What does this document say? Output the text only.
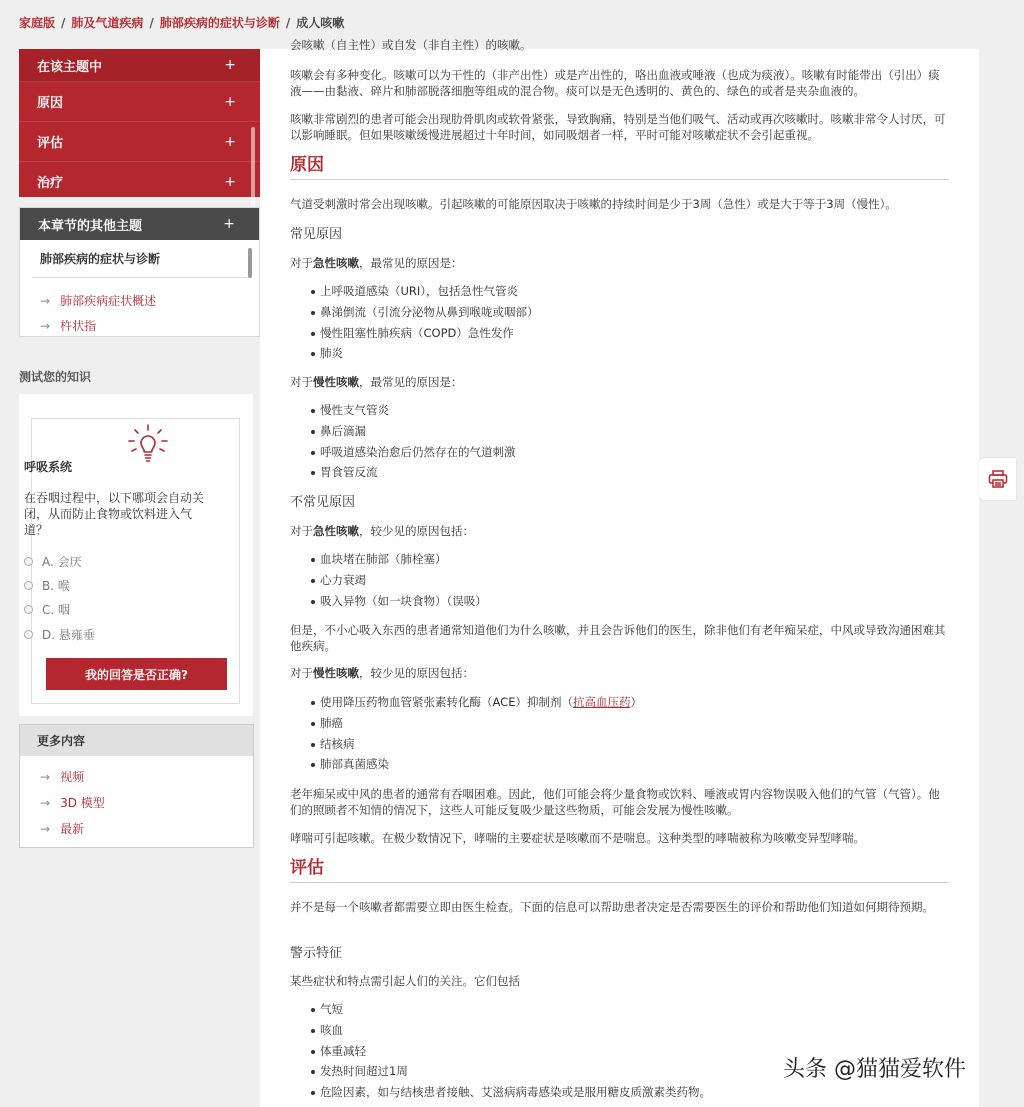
家庭版 / 肺及气道疾病 / 肺部疾病的症状与诊断 / 成人咳嗽
在该主题中	+
原因	+
评估	+
治疗	+
本章节的其他主题	+
肺部疾病的症状与诊断
→ 肺部疾病症状概述
→ 杵状指
测试您的知识
我的回答是否正确?
呼吸系统
在吞咽过程中，以下哪项会自动关闭，从而防止食物或饮料进入气道？
A. 会厌
B. 喉
C. 咽
D. 悬雍垂
更多内容
→ 视频
→ 3D 模型
→ 最新

会咳嗽（自主性）或自发（非自主性）的咳嗽。

咳嗽会有多种变化。咳嗽可以为干性的（非产出性）或是产出性的，咯出血液或唾液（也成为痰液）。咳嗽有时能带出（引出）痰液——由黏液、碎片和肺部脱落细胞等组成的混合物。痰可以是无色透明的、黄色的、绿色的或者是夹杂血液的。

咳嗽非常剧烈的患者可能会出现肋骨肌肉或软骨紧张，导致胸痛，特别是当他们吸气、活动或再次咳嗽时。咳嗽非常令人讨厌，可以影响睡眠。但如果咳嗽缓慢进展超过十年时间，如同吸烟者一样，平时可能对咳嗽症状不会引起重视。

原因

气道受刺激时常会出现咳嗽。引起咳嗽的可能原因取决于咳嗽的持续时间是少于3周（急性）或是大于等于3周（慢性）。

常见原因

对于急性咳嗽，最常见的原因是：

上呼吸道感染（URI），包括急性气管炎
鼻涕倒流（引流分泌物从鼻到喉咙或咽部）
慢性阻塞性肺疾病（COPD）急性发作
肺炎

对于慢性咳嗽，最常见的原因是：

慢性支气管炎
鼻后滴漏
呼吸道感染治愈后仍然存在的气道刺激
胃食管反流
不常见原因

对于急性咳嗽，较少见的原因包括：

血块堵在肺部（肺栓塞）
心力衰竭
吸入异物（如一块食物）（误吸）

但是，不小心吸入东西的患者通常知道他们为什么咳嗽，并且会告诉他们的医生，除非他们有老年痴呆症，中风或导致沟通困难其他疾病。

对于慢性咳嗽，较少见的原因包括：

使用降压药物血管紧张素转化酶（ACE）抑制剂（抗高血压药）
肺癌
结核病
肺部真菌感染

老年痴呆或中风的患者的通常有吞咽困难。因此，他们可能会将少量食物或饮料、唾液或胃内容物误吸入他们的气管（气管）。他们的照顾者不知情的情况下，这些人可能反复吸少量这些物质，可能会发展为慢性咳嗽。

哮喘可引起咳嗽。在极少数情况下，哮喘的主要症状是咳嗽而不是喘息。这种类型的哮喘被称为咳嗽变异型哮喘。

评估

并不是每一个咳嗽者都需要立即由医生检查。下面的信息可以帮助患者决定是否需要医生的评价和帮助他们知道如何期待预期。

警示特征

某些症状和特点需引起人们的关注。它们包括

气短
咳血
体重减轻
发热时间超过1周
危险因素，如与结核患者接触、艾滋病病毒感染或是服用糖皮质激素类药物。
头条 @猫猫爱软件
